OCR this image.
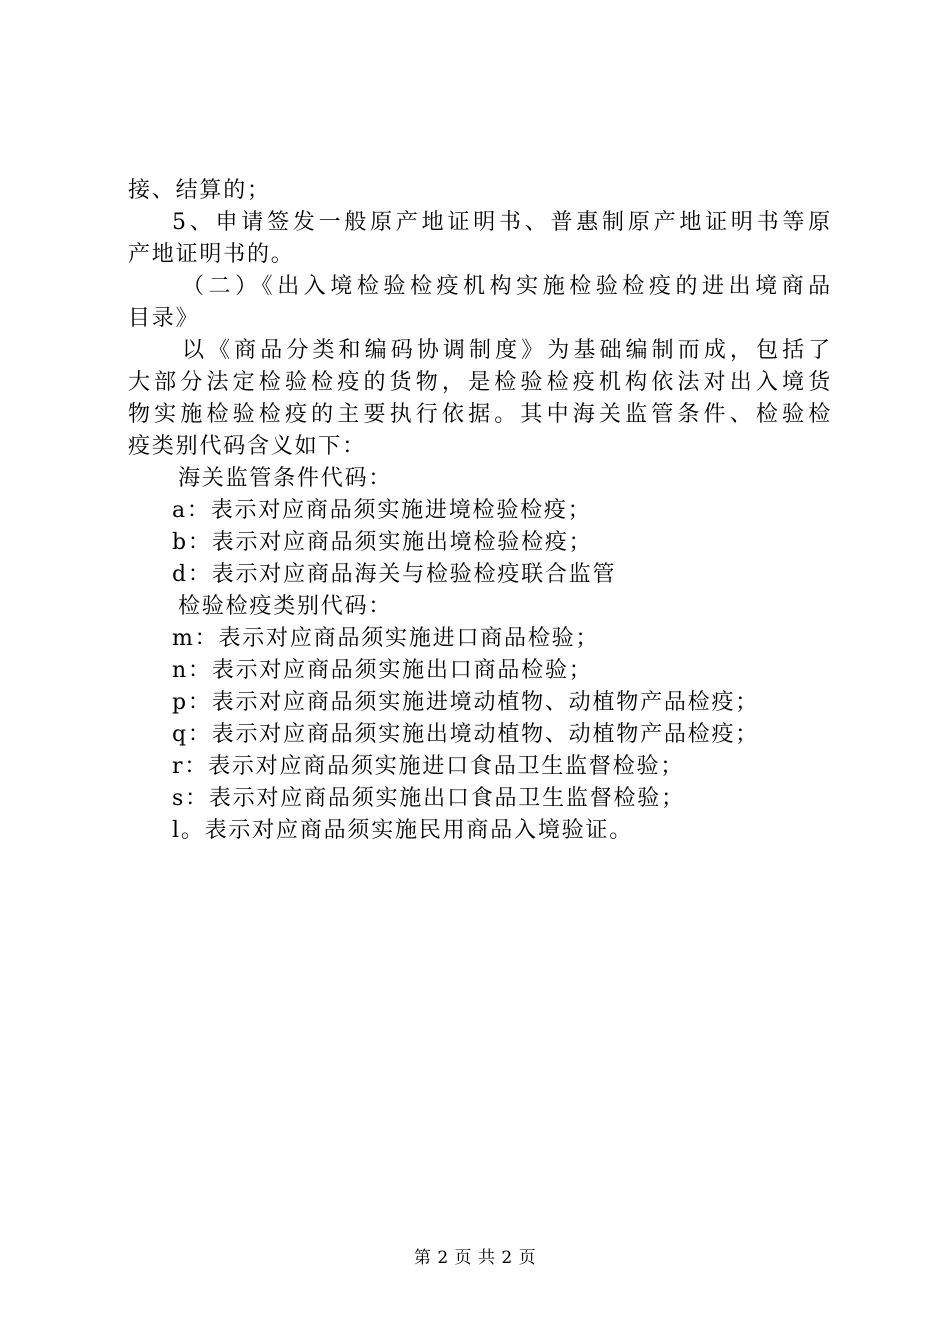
接、结算的；

5、申请签发一般原产地证明书、普惠制原产地证明书等原

产地证明书的。

（二）《出入境检验检疫机构实施检验检疫的进出境商品

目录》

以《商品分类和编码协调制度》为基础编制而成，包括了

大部分法定检验检疫的货物，是检验检疫机构依法对出入境货

物实施检验检疫的主要执行依据。其中海关监管条件、检验检

疫类别代码含义如下：

海关监管条件代码：

a：表示对应商品须实施进境检验检疫；

b：表示对应商品须实施出境检验检疫；

d：表示对应商品海关与检验检疫联合监管

检验检疫类别代码：

m：表示对应商品须实施进口商品检验；

n：表示对应商品须实施出口商品检验；

p：表示对应商品须实施进境动植物、动植物产品检疫；

q：表示对应商品须实施出境动植物、动植物产品检疫；

r：表示对应商品须实施进口食品卫生监督检验；

s：表示对应商品须实施出口食品卫生监督检验；

l。表示对应商品须实施民用商品入境验证。

第 2 页 共 2 页
